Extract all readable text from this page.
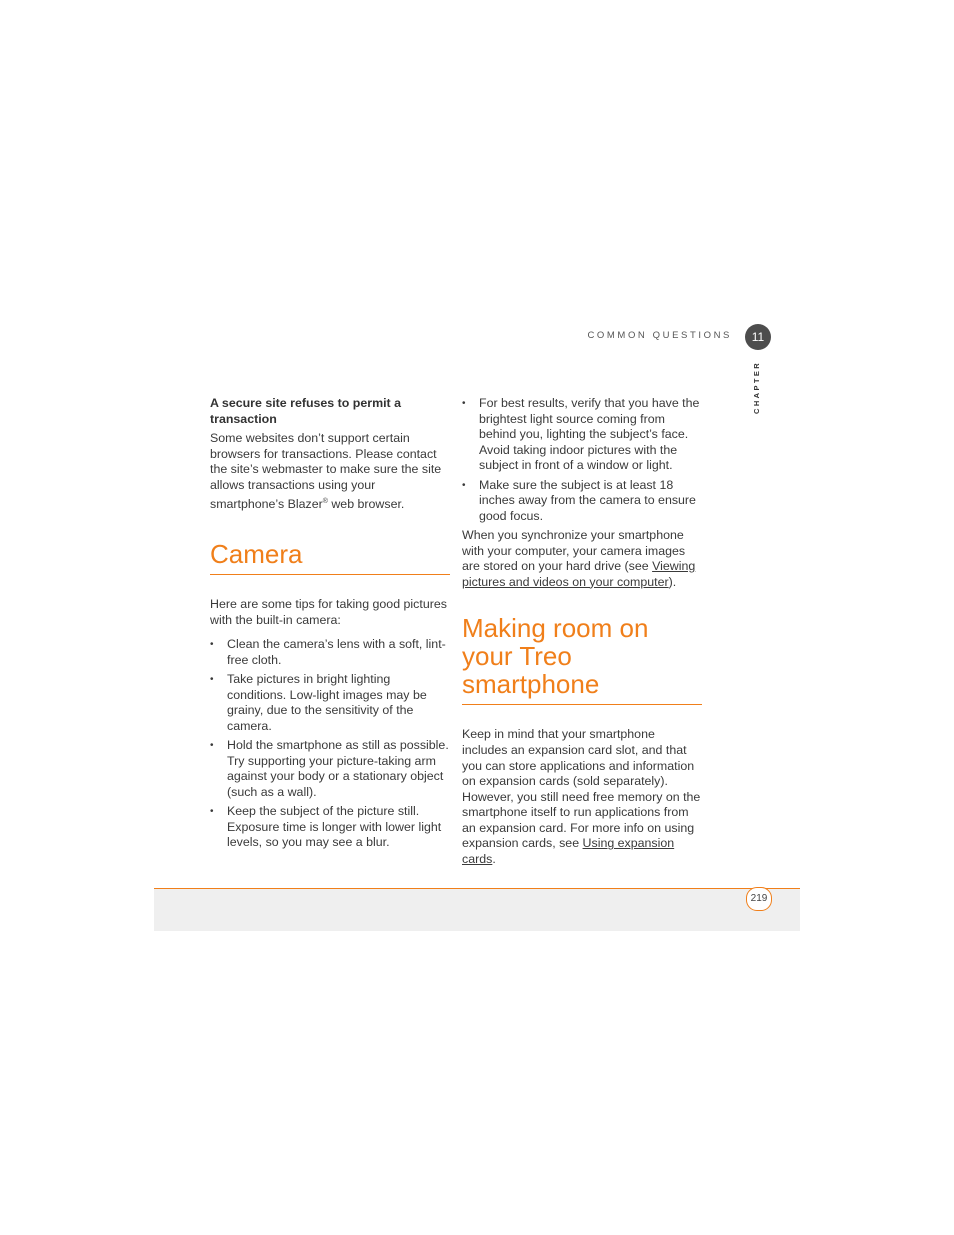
COMMON QUESTIONS	11
CHAPTER

A secure site refuses to permit a transaction

Some websites don’t support certain browsers for transactions. Please contact the site’s webmaster to make sure the site allows transactions using your smartphone’s Blazer® web browser.

Camera

Here are some tips for taking good pictures with the built-in camera:

• Clean the camera’s lens with a soft, lint-free cloth.
• Take pictures in bright lighting conditions. Low-light images may be grainy, due to the sensitivity of the camera.
• Hold the smartphone as still as possible. Try supporting your picture-taking arm against your body or a stationary object (such as a wall).
• Keep the subject of the picture still. Exposure time is longer with lower light levels, so you may see a blur.
• For best results, verify that you have the brightest light source coming from behind you, lighting the subject’s face. Avoid taking indoor pictures with the subject in front of a window or light.
• Make sure the subject is at least 18 inches away from the camera to ensure good focus.

When you synchronize your smartphone with your computer, your camera images are stored on your hard drive (see Viewing pictures and videos on your computer).

Making room on your Treo smartphone

Keep in mind that your smartphone includes an expansion card slot, and that you can store applications and information on expansion cards (sold separately). However, you still need free memory on the smartphone itself to run applications from an expansion card. For more info on using expansion cards, see Using expansion cards.

219
